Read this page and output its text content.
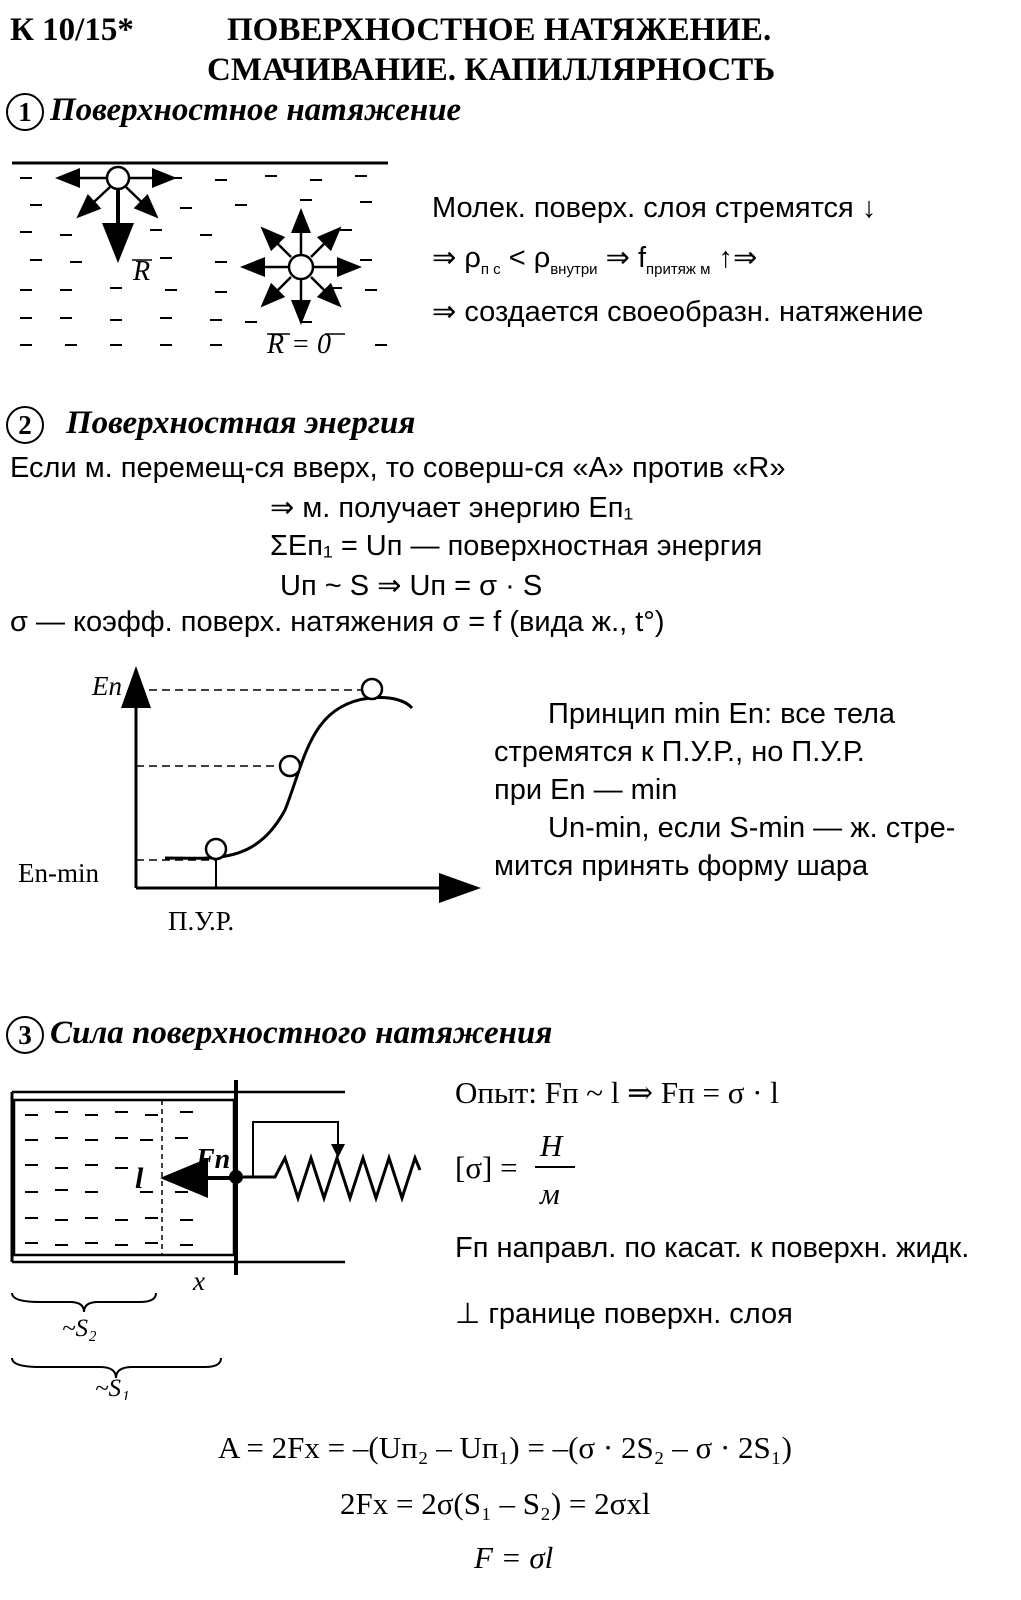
К 10/15*	ПОВЕРХНОСТНОЕ НАТЯЖЕНИЕ.
СМАЧИВАНИЕ. КАПИЛЛЯРНОСТЬ
1 Поверхностное натяжение
R
R = 0
Молек. поверх. слоя стремятся ↓
⇒ $\rho_{п с} < \rho_{внутри}$ ⇒ $f_{притяж м}$ ↑⇒
⇒ создается своеобразн. натяжение
2 Поверхностная энергия
Если м. перемещ-ся вверх, то соверш-ся «A» против «R»
⇒ м. получает энергию Eп₁
ΣEп₁ = Uп — поверхностная энергия
Uп ~ S ⇒ Uп = σ · S
σ — коэфф. поверх. натяжения σ = f (вида ж., t°)
En
En-min
П.У.Р.
Принцип min En: все тела
стремятся к П.У.Р., но П.У.Р.
при En — min
Un-min, если S-min — ж. стре-
мится принять форму шара
3 Сила поверхностного натяжения
Fп
l
x
~S₂
~S₁
Опыт: Fп ~ l ⇒ Fп = σ · l
[σ] =
Н
м
Fп направл. по касат. к поверхн. жидк.
⊥ границе поверхн. слоя
A = 2Fx = –(Uп₂ – Uп₁) = –(σ · 2S₂ – σ · 2S₁)
2Fx = 2σ(S₁ – S₂) = 2σxl
F = σl
